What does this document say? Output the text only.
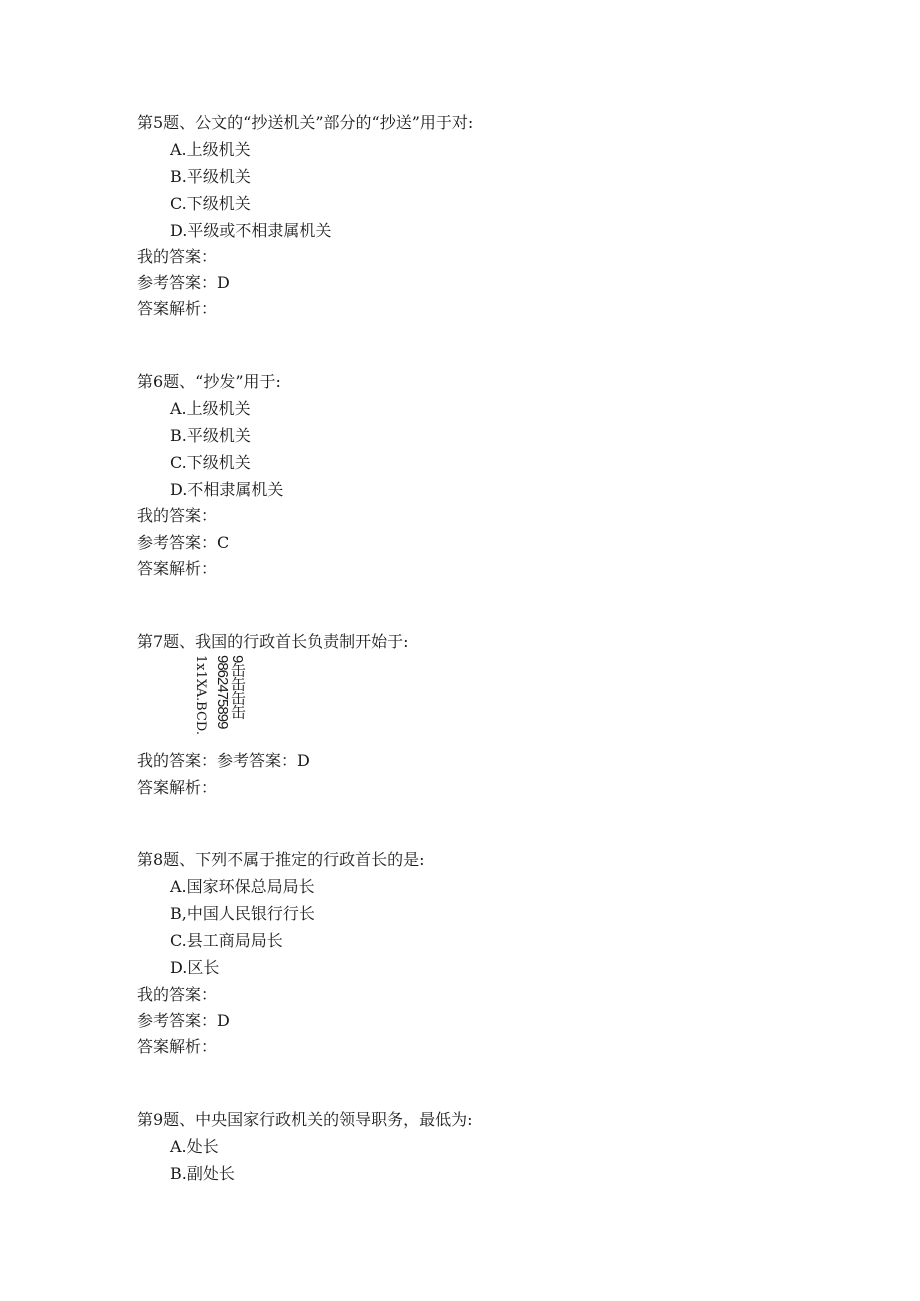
第5题、公文的“抄送机关”部分的“抄送”用于对:
A.上级机关
B.平级机关
C.下级机关
D.平级或不相隶属机关
我的答案：
参考答案：D
答案解析：
第6题、“抄发”用于:
A.上级机关
B.平级机关
C.下级机关
D.不相隶属机关
我的答案：
参考答案：C
答案解析：
第7题、我国的行政首长负责制开始于:
1x1XA.BCD. 9862475899
9缶缶缶缶
我的答案：参考答案：D
答案解析：
第8题、下列不属于推定的行政首长的是:
A.国家环保总局局长
B,中国人民银行行长
C.县工商局局长
D.区长
我的答案：
参考答案：D
答案解析：
第9题、中央国家行政机关的领导职务，最低为:
A.处长
B.副处长
